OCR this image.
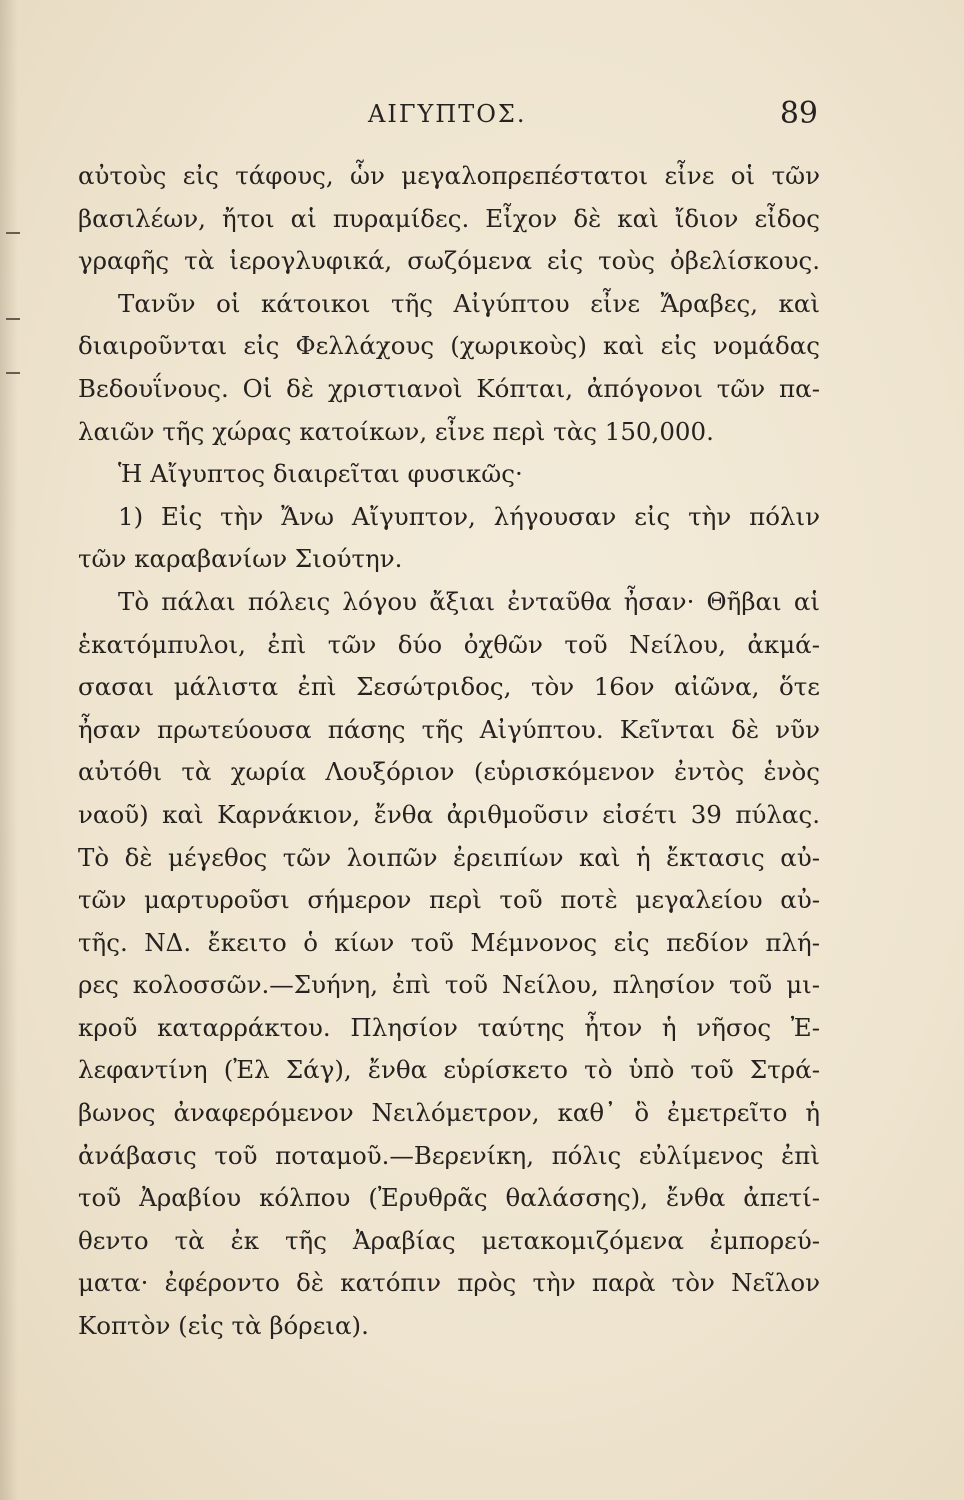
ΑΙΓΥΠΤΟΣ.	89
αὐτοὺς εἰς τάφους, ὧν μεγαλοπρεπέστατοι εἶνε οἱ τῶν
βασιλέων, ἤτοι αἱ πυραμίδες. Εἶχον δὲ καὶ ἴδιον εἶδος
γραφῆς τὰ ἱερογλυφικά, σωζόμενα εἰς τοὺς ὀβελίσκους.
Τανῦν οἱ κάτοικοι τῆς Αἰγύπτου εἶνε Ἄραβες, καὶ
διαιροῦνται εἰς Φελλάχους (χωρικοὺς) καὶ εἰς νομάδας
Βεδουΐνους. Οἱ δὲ χριστιανοὶ Κόπται, ἀπόγονοι τῶν πα-
λαιῶν τῆς χώρας κατοίκων, εἶνε περὶ τὰς 150,000.
Ἡ Αἴγυπτος διαιρεῖται φυσικῶς·
1) Εἰς τὴν Ἄνω Αἴγυπτον, λήγουσαν εἰς τὴν πόλιν
τῶν καραβανίων Σιούτην.
Τὸ πάλαι πόλεις λόγου ἄξιαι ἐνταῦθα ἦσαν· Θῆβαι αἱ
ἑκατόμπυλοι, ἐπὶ τῶν δύο ὀχθῶν τοῦ Νείλου, ἀκμά-
σασαι μάλιστα ἐπὶ Σεσώτριδος, τὸν 16ον αἰῶνα, ὅτε
ἦσαν πρωτεύουσα πάσης τῆς Αἰγύπτου. Κεῖνται δὲ νῦν
αὐτόθι τὰ χωρία Λουξόριον (εὑρισκόμενον ἐντὸς ἑνὸς
ναοῦ) καὶ Καρνάκιον, ἔνθα ἀριθμοῦσιν εἰσέτι 39 πύλας.
Τὸ δὲ μέγεθος τῶν λοιπῶν ἐρειπίων καὶ ἡ ἔκτασις αὐ-
τῶν μαρτυροῦσι σήμερον περὶ τοῦ ποτὲ μεγαλείου αὐ-
τῆς. ΝΔ. ἔκειτο ὁ κίων τοῦ Μέμνονος εἰς πεδίον πλή-
ρες κολοσσῶν.—Συήνη, ἐπὶ τοῦ Νείλου, πλησίον τοῦ μι-
κροῦ καταρράκτου. Πλησίον ταύτης ἦτον ἡ νῆσος Ἐ-
λεφαντίνη (Ἐλ Σάγ), ἔνθα εὑρίσκετο τὸ ὑπὸ τοῦ Στρά-
βωνος ἀναφερόμενον Νειλόμετρον, καθ᾽ ὃ ἐμετρεῖτο ἡ
ἀνάβασις τοῦ ποταμοῦ.—Βερενίκη, πόλις εὐλίμενος ἐπὶ
τοῦ Ἀραβίου κόλπου (Ἐρυθρᾶς θαλάσσης), ἔνθα ἀπετί-
θεντο τὰ ἐκ τῆς Ἀραβίας μετακομιζόμενα ἐμπορεύ-
ματα· ἐφέροντο δὲ κατόπιν πρὸς τὴν παρὰ τὸν Νεῖλον
Κοπτὸν (εἰς τὰ βόρεια).
